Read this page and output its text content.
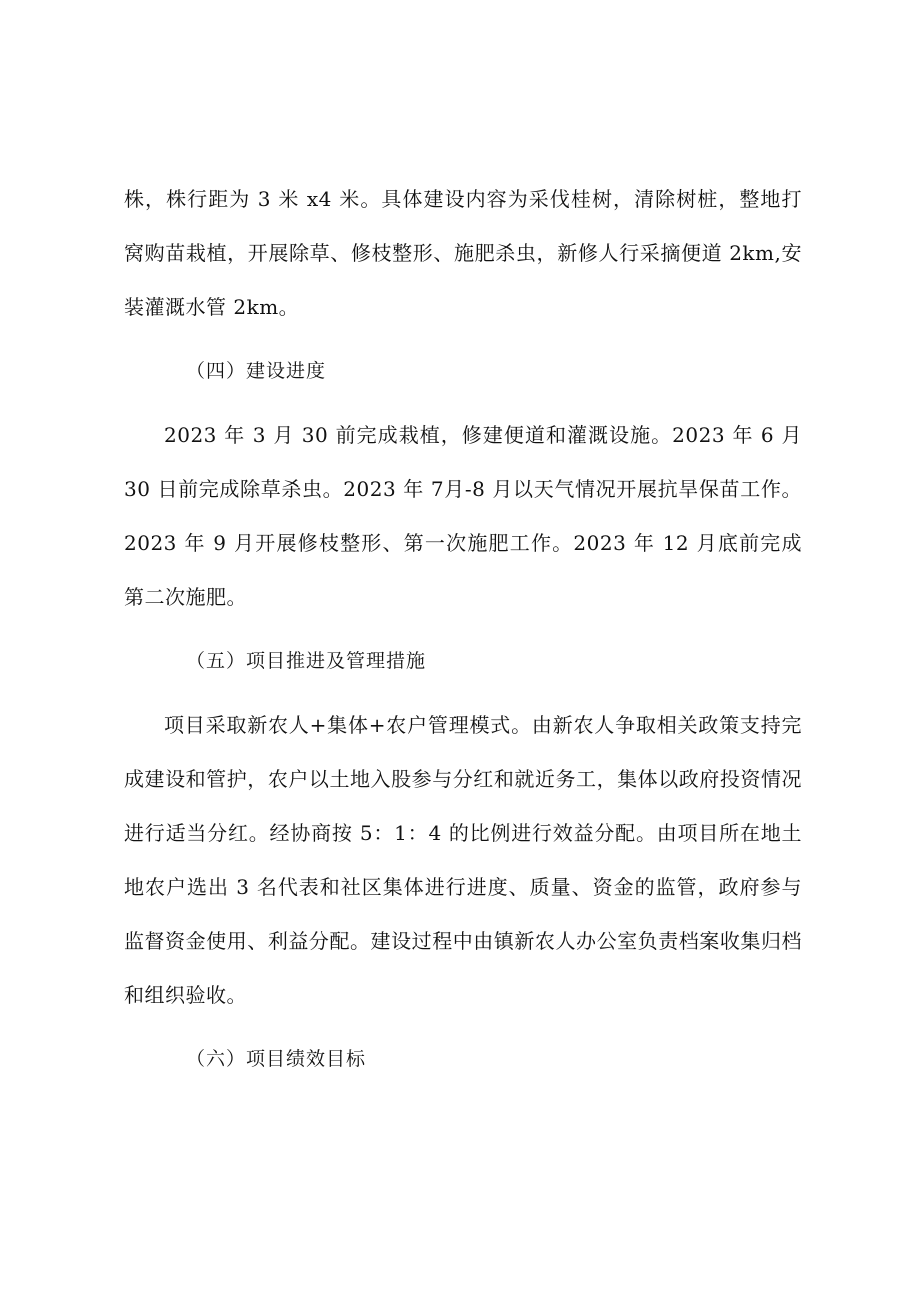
株，株行距为 3 米 x4 米。具体建设内容为采伐桂树，清除树桩，整地打窝购苗栽植，开展除草、修枝整形、施肥杀虫，新修人行采摘便道 2km,安装灌溉水管 2km。

（四）建设进度

2023 年 3 月 30 前完成栽植，修建便道和灌溉设施。2023 年 6 月 30 日前完成除草杀虫。2023 年 7月-8 月以天气情况开展抗旱保苗工作。2023 年 9 月开展修枝整形、第一次施肥工作。2023 年 12 月底前完成第二次施肥。

（五）项目推进及管理措施

项目采取新农人+集体+农户管理模式。由新农人争取相关政策支持完成建设和管护，农户以土地入股参与分红和就近务工，集体以政府投资情况进行适当分红。经协商按 5：1：4 的比例进行效益分配。由项目所在地土地农户选出 3 名代表和社区集体进行进度、质量、资金的监管，政府参与监督资金使用、利益分配。建设过程中由镇新农人办公室负责档案收集归档和组织验收。

（六）项目绩效目标
